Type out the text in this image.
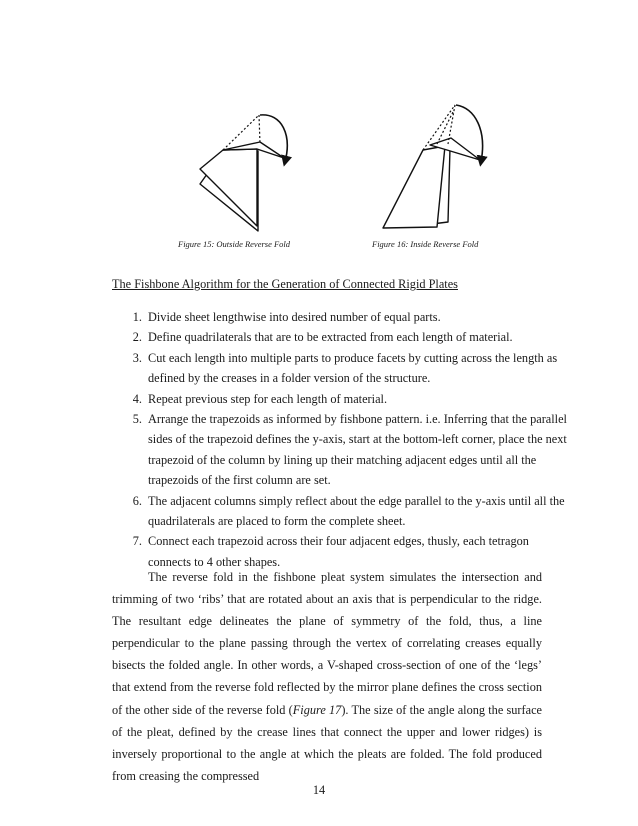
Figure 15: Outside Reverse Fold	Figure 16: Inside Reverse Fold
The Fishbone Algorithm for the Generation of Connected Rigid Plates
1. Divide sheet lengthwise into desired number of equal parts.
2. Define quadrilaterals that are to be extracted from each length of material.
3. Cut each length into multiple parts to produce facets by cutting across the length as defined by the creases in a folder version of the structure.
4. Repeat previous step for each length of material.
5. Arrange the trapezoids as informed by fishbone pattern. i.e. Inferring that the parallel sides of the trapezoid defines the y-axis, start at the bottom-left corner, place the next trapezoid of the column by lining up their matching adjacent edges until all the trapezoids of the first column are set.
6. The adjacent columns simply reflect about the edge parallel to the y-axis until all the quadrilaterals are placed to form the complete sheet.
7. Connect each trapezoid across their four adjacent edges, thusly, each tetragon connects to 4 other shapes.

The reverse fold in the fishbone pleat system simulates the intersection and trimming of two ‘ribs’ that are rotated about an axis that is perpendicular to the ridge. The resultant edge delineates the plane of symmetry of the fold, thus, a line perpendicular to the plane passing through the vertex of correlating creases equally bisects the folded angle. In other words, a V-shaped cross-section of one of the ‘legs’ that extend from the reverse fold reflected by the mirror plane defines the cross section of the other side of the reverse fold (Figure 17). The size of the angle along the surface of the pleat, defined by the crease lines that connect the upper and lower ridges) is inversely proportional to the angle at which the pleats are folded. The fold produced from creasing the compressed

14
